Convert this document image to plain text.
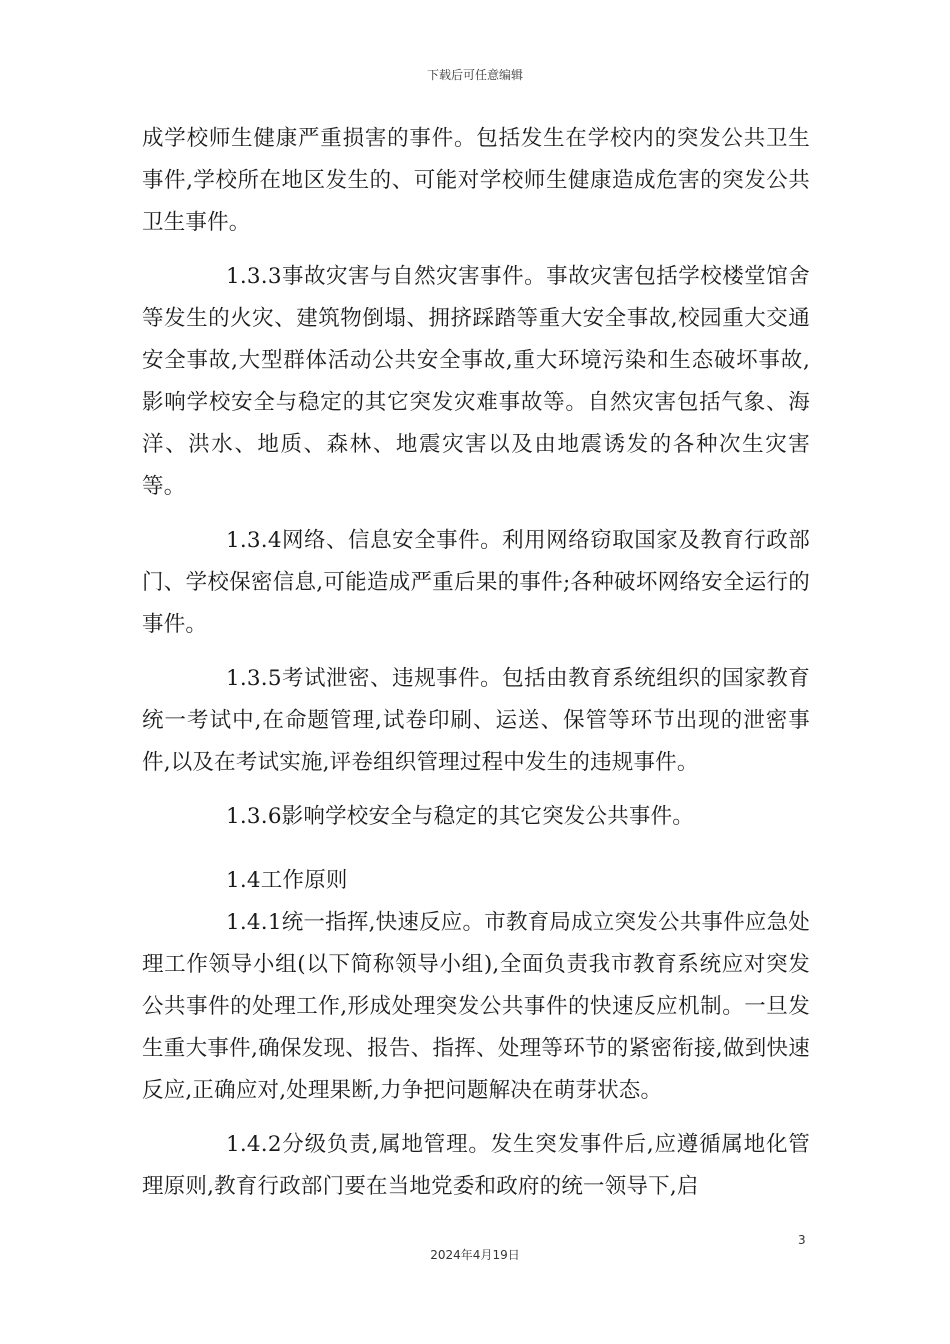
下载后可任意编辑

成学校师生健康严重损害的事件。包括发生在学校内的突发公共卫生事件,学校所在地区发生的、可能对学校师生健康造成危害的突发公共卫生事件。

1.3.3事故灾害与自然灾害事件。事故灾害包括学校楼堂馆舍等发生的火灾、建筑物倒塌、拥挤踩踏等重大安全事故,校园重大交通安全事故,大型群体活动公共安全事故,重大环境污染和生态破坏事故,影响学校安全与稳定的其它突发灾难事故等。自然灾害包括气象、海洋、洪水、地质、森林、地震灾害以及由地震诱发的各种次生灾害等。

1.3.4网络、信息安全事件。利用网络窃取国家及教育行政部门、学校保密信息,可能造成严重后果的事件;各种破坏网络安全运行的事件。

1.3.5考试泄密、违规事件。包括由教育系统组织的国家教育统一考试中,在命题管理,试卷印刷、运送、保管等环节出现的泄密事件,以及在考试实施,评卷组织管理过程中发生的违规事件。

1.3.6影响学校安全与稳定的其它突发公共事件。

1.4工作原则

1.4.1统一指挥,快速反应。市教育局成立突发公共事件应急处理工作领导小组(以下简称领导小组),全面负责我市教育系统应对突发公共事件的处理工作,形成处理突发公共事件的快速反应机制。一旦发生重大事件,确保发现、报告、指挥、处理等环节的紧密衔接,做到快速反应,正确应对,处理果断,力争把问题解决在萌芽状态。

1.4.2分级负责,属地管理。发生突发事件后,应遵循属地化管理原则,教育行政部门要在当地党委和政府的统一领导下,启

3
2024年4月19日
